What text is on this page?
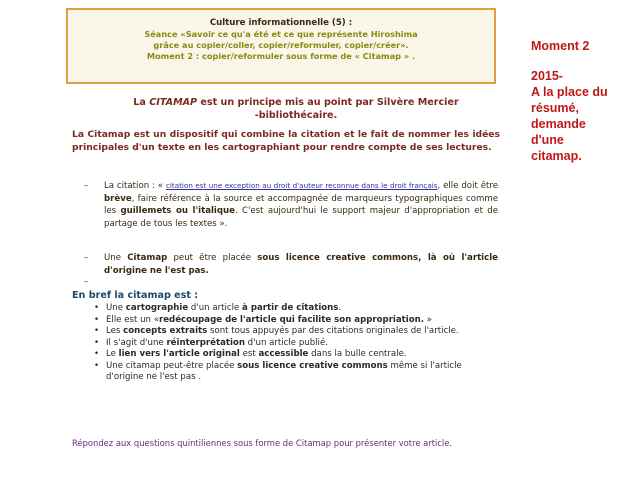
Culture informationnelle (5) :
Séance «Savoir ce qu'a été et ce que représente Hiroshima
grâce au copier/coller, copier/reformuler, copier/créer».
Moment 2 : copier/reformuler sous forme de « Citamap » .
La CITAMAP est un principe mis au point par Silvère Mercier
-bibliothécaire.
La Citamap est un dispositif qui combine la citation et le fait de nommer les idées principales d'un texte en les cartographiant pour rendre compte de ses lectures.
– La citation : « citation est une exception au droit d'auteur reconnue dans le droit français, elle doit être brève, faire référence à la source et accompagnée de marqueurs typographiques comme les guillemets ou l'italique. C'est aujourd'hui le support majeur d'appropriation et de partage de tous les textes ».
– Une Citamap peut être placée sous licence creative commons, là où l'article d'origine ne l'est pas.
–
En bref la citamap est :
• Une cartographie d'un article à partir de citations.
• Elle est un «redécoupage de l'article qui facilite son appropriation. »
• Les concepts extraits sont tous appuyés par des citations originales de l'article.
• Il s'agit d'une réinterprétation d'un article publié.
• Le lien vers l'article original est accessible dans la bulle centrale.
• Une citamap peut-être placée sous licence creative commons même si l'article d'origine ne l'est pas .
Répondez aux questions quintiliennes sous forme de Citamap pour présenter votre article.
Moment 2
2015-
A la place du
résumé,
demande
d'une
citamap.
